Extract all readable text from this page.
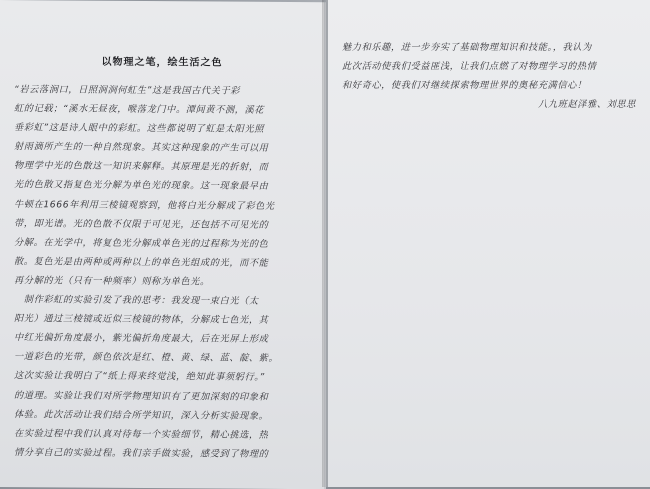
以物理之笔，绘生活之色
“岩云落涧口，日照涧涧何虹生”这是我国古代关于彩
虹的记载；“溪水无昼夜，喉落龙门中。潭间黄不测，溪花
垂彩虹”这是诗人眼中的彩虹。这些都说明了虹是太阳光照
射雨滴所产生的一种自然现象。其实这种现象的产生可以用
物理学中光的色散这一知识来解释。其原理是光的折射，而
光的色散又指复色光分解为单色光的现象。这一现象最早由
牛顿在1666年利用三棱镜观察到，他将白光分解成了彩色光
带，即光谱。光的色散不仅限于可见光，还包括不可见光的
分解。在光学中，将复色光分解成单色光的过程称为光的色
散。复色光是由两种或两种以上的单色光组成的光，而不能
再分解的光（只有一种频率）则称为单色光。
　制作彩虹的实验引发了我的思考：我发现一束白光（太
阳光）通过三棱镜或近似三棱镜的物体，分解成七色光，其
中红光偏折角度最小，紫光偏折角度最大，后在光屏上形成
一道彩色的光带，颜色依次是红、橙、黄、绿、蓝、靛、紫。
这次实验让我明白了“纸上得来终觉浅，绝知此事须躬行。”
的道理。实验让我们对所学物理知识有了更加深刻的印象和
体验。此次活动让我们结合所学知识，深入分析实验现象。
在实验过程中我们认真对待每一个实验细节，精心挑选，热
情分享自己的实验过程。我们亲手做实验，感受到了物理的
魅力和乐趣，进一步夯实了基础物理知识和技能。，我认为
此次活动使我们受益匪浅，让我们点燃了对物理学习的热情
和好奇心，使我们对继续探索物理世界的奥秘充满信心！
八九班赵泽雅、刘思思
